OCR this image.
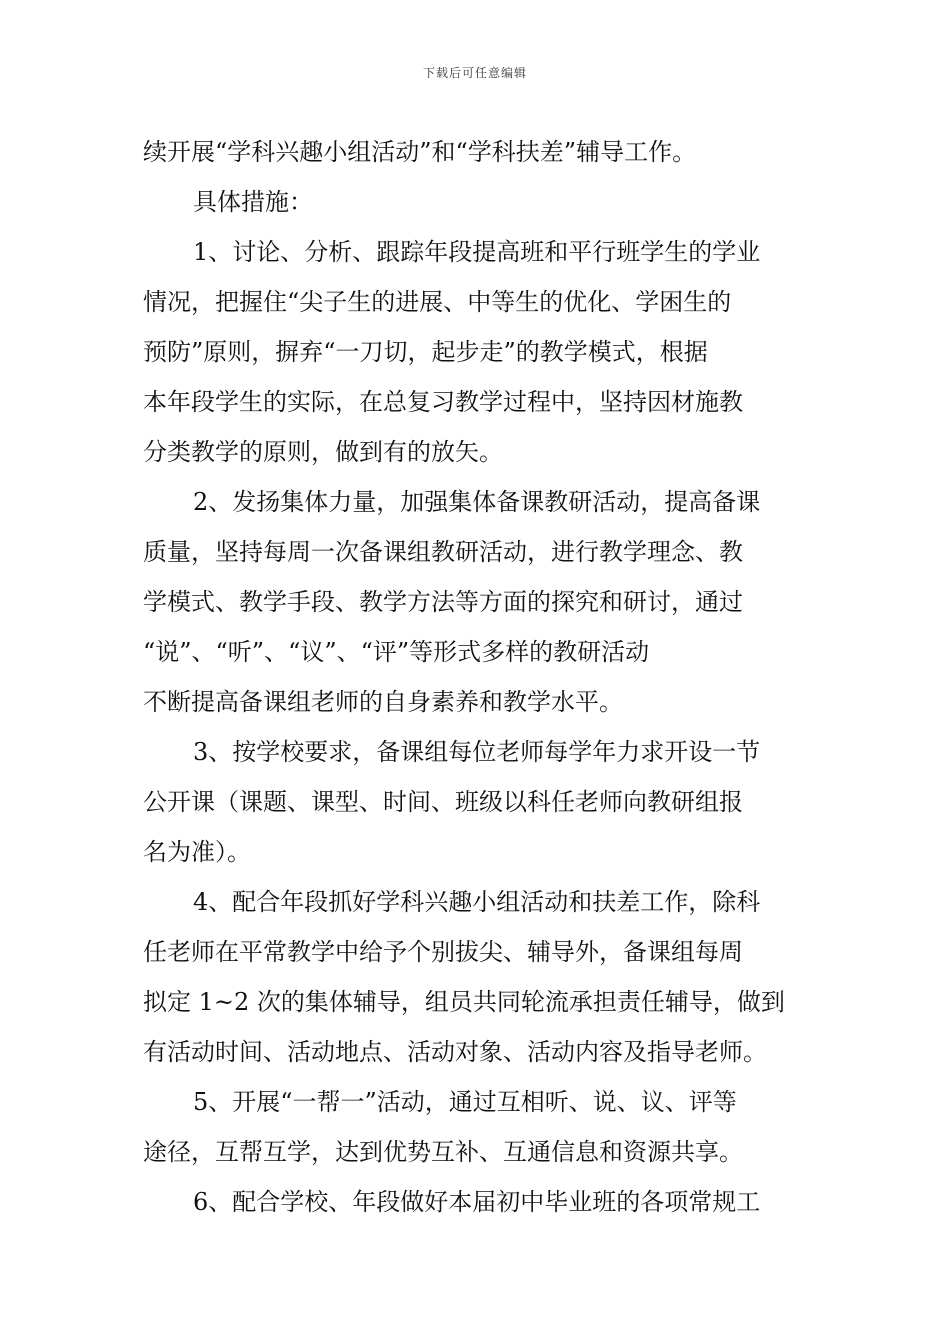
下载后可任意编辑
续开展“学科兴趣小组活动”和“学科扶差”辅导工作。
具体措施：
1、讨论、分析、跟踪年段提高班和平行班学生的学业
情况，把握住“尖子生的进展、中等生的优化、学困生的
预防”原则，摒弃“一刀切，起步走”的教学模式，根据
本年段学生的实际，在总复习教学过程中，坚持因材施教
分类教学的原则，做到有的放矢。
2、发扬集体力量，加强集体备课教研活动，提高备课
质量，坚持每周一次备课组教研活动，进行教学理念、教
学模式、教学手段、教学方法等方面的探究和研讨，通过
“说”、“听”、“议”、“评”等形式多样的教研活动
不断提高备课组老师的自身素养和教学水平。
3、按学校要求，备课组每位老师每学年力求开设一节
公开课（课题、课型、时间、班级以科任老师向教研组报
名为准）。
4、配合年段抓好学科兴趣小组活动和扶差工作，除科
任老师在平常教学中给予个别拔尖、辅导外，备课组每周
拟定 1~2 次的集体辅导，组员共同轮流承担责任辅导，做到
有活动时间、活动地点、活动对象、活动内容及指导老师。
5、开展“一帮一”活动，通过互相听、说、议、评等
途径，互帮互学，达到优势互补、互通信息和资源共享。
6、配合学校、年段做好本届初中毕业班的各项常规工
